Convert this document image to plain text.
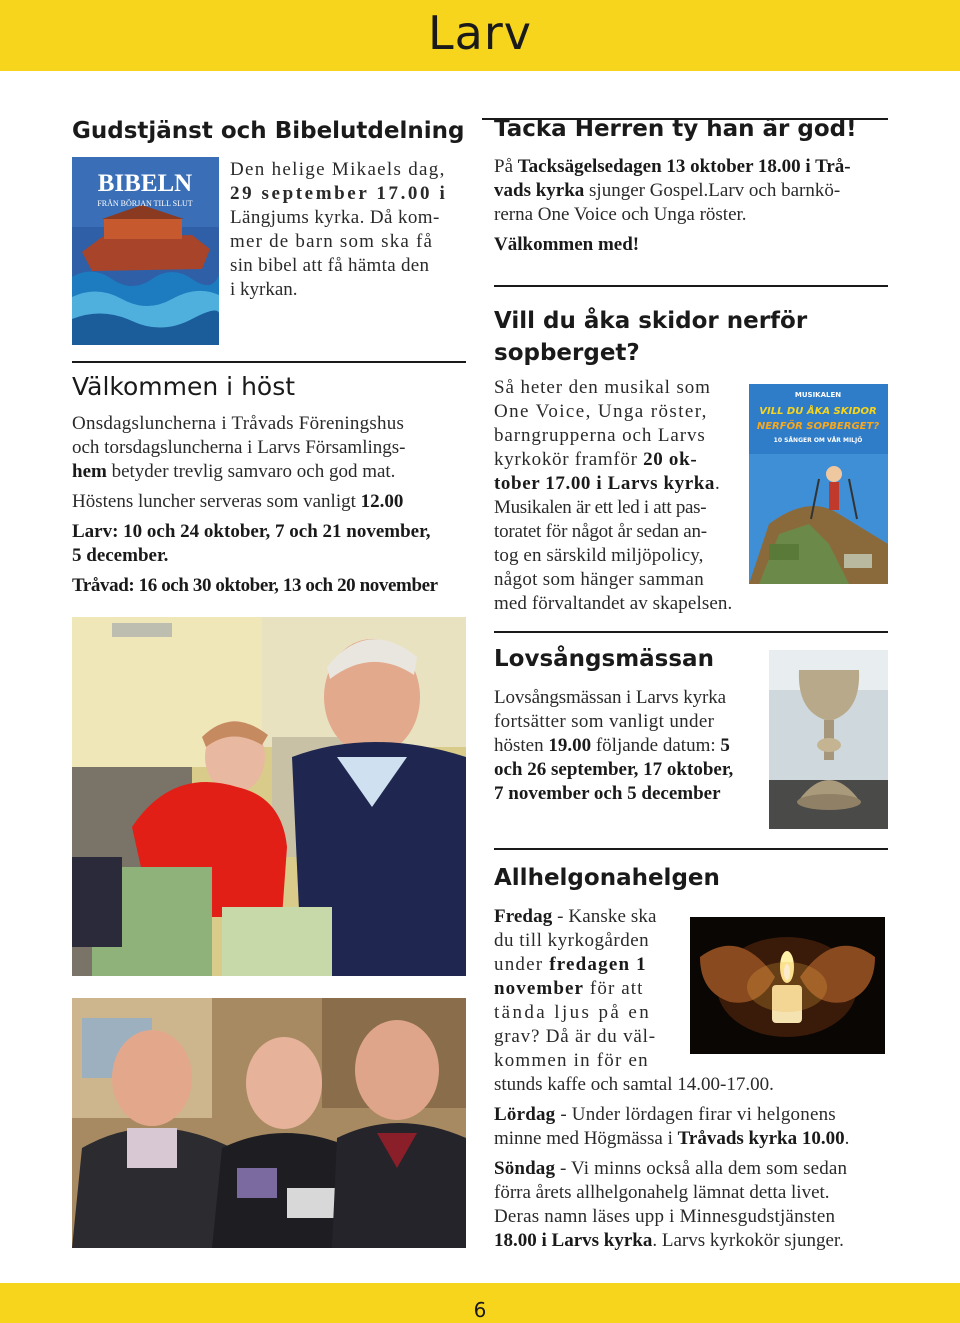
Larv
Gudstjänst och Bibelutdelning
BIBELN
FRÅN BÖRJAN TILL SLUT
Den helige Mikaels dag,
29 september 17.00 i
Längjums kyrka. Då kom-
mer de barn som ska få
sin bibel att få hämta den
i kyrkan.
Välkommen i höst
Onsdagsluncherna i Tråvads Föreningshus
och torsdagsluncherna i Larvs Församlings-
hem betyder trevlig samvaro och god mat.
Höstens luncher serveras som vanligt 12.00
Larv: 10 och 24 oktober, 7 och 21 november,
5 december.
Tråvad: 16 och 30 oktober, 13 och 20 november
Tacka Herren ty han är god!
På Tacksägelsedagen 13 oktober 18.00 i Trå-
vads kyrka sjunger Gospel.Larv och barnkö-
rerna One Voice och Unga röster.
Välkommen med!
Vill du åka skidor nerför
sopberget?
MUSIKALEN
VILL DU ÅKA SKIDOR
NERFÖR SOPBERGET?
10 SÅNGER OM VÅR MILJÖ
Så heter den musikal som
One Voice, Unga röster,
barngrupperna och Larvs
kyrkokör framför 20 ok-
tober 17.00 i Larvs kyrka.
Musikalen är ett led i att pas-
toratet för något år sedan an-
tog en särskild miljöpolicy,
något som hänger samman
med förvaltandet av skapelsen.
Lovsångsmässan
Lovsångsmässan i Larvs kyrka
fortsätter som vanligt under
hösten 19.00 följande datum: 5
och 26 september, 17 oktober,
7 november och 5 december
Allhelgonahelgen
Fredag - Kanske ska
du till kyrkogården
under fredagen 1
november för att
tända ljus på en
grav? Då är du väl-
kommen in för en
stunds kaffe och samtal 14.00-17.00.
Lördag - Under lördagen firar vi helgonens
minne med Högmässa i Tråvads kyrka 10.00.
Söndag - Vi minns också alla dem som sedan
förra årets allhelgonahelg lämnat detta livet.
Deras namn läses upp i Minnesgudstjänsten
18.00 i Larvs kyrka. Larvs kyrkokör sjunger.
6
